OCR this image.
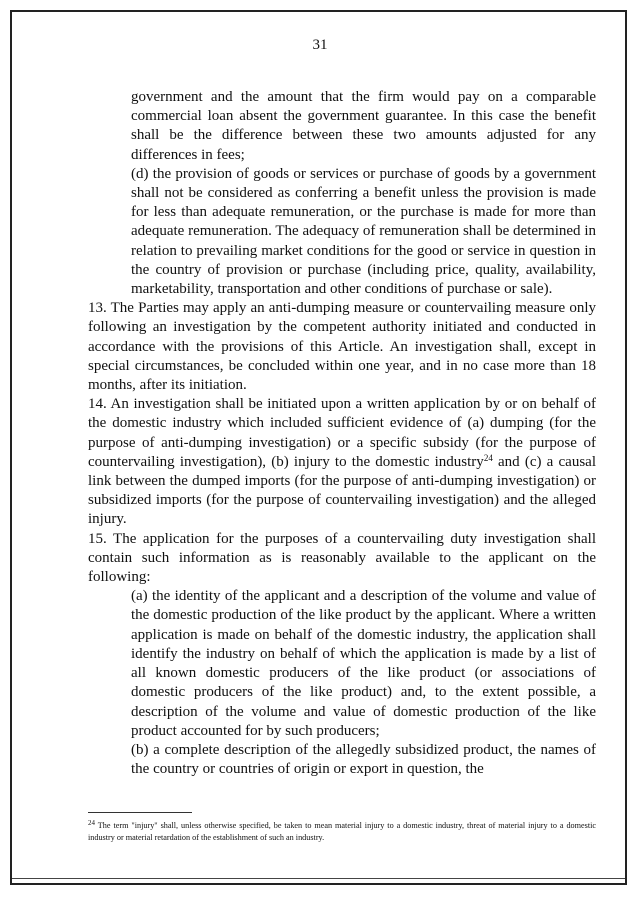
31

government and the amount that the firm would pay on a comparable commercial loan absent the government guarantee. In this case the benefit shall be the difference between these two amounts adjusted for any differences in fees;

(d) the provision of goods or services or purchase of goods by a government shall not be considered as conferring a benefit unless the provision is made for less than adequate remuneration, or the purchase is made for more than adequate remuneration. The adequacy of remuneration shall be determined in relation to prevailing market conditions for the good or service in question in the country of provision or purchase (including price, quality, availability, marketability, transportation and other conditions of purchase or sale).

13. The Parties may apply an anti-dumping measure or countervailing measure only following an investigation by the competent authority initiated and conducted in accordance with the provisions of this Article. An investigation shall, except in special circumstances, be concluded within one year, and in no case more than 18 months, after its initiation.

14. An investigation shall be initiated upon a written application by or on behalf of the domestic industry which included sufficient evidence of (a) dumping (for the purpose of anti-dumping investigation) or a specific subsidy (for the purpose of countervailing investigation), (b) injury to the domestic industry$^{24}$ and (c) a causal link between the dumped imports (for the purpose of anti-dumping investigation) or subsidized imports (for the purpose of countervailing investigation) and the alleged injury.

15. The application for the purposes of a countervailing duty investigation shall contain such information as is reasonably available to the applicant on the following:

(a) the identity of the applicant and a description of the volume and value of the domestic production of the like product by the applicant. Where a written application is made on behalf of the domestic industry, the application shall identify the industry on behalf of which the application is made by a list of all known domestic producers of the like product (or associations of domestic producers of the like product) and, to the extent possible, a description of the volume and value of domestic production of the like product accounted for by such producers;

(b) a complete description of the allegedly subsidized product, the names of the country or countries of origin or export in question, the

24 The term "injury" shall, unless otherwise specified, be taken to mean material injury to a domestic industry, threat of material injury to a domestic industry or material retardation of the establishment of such an industry.
